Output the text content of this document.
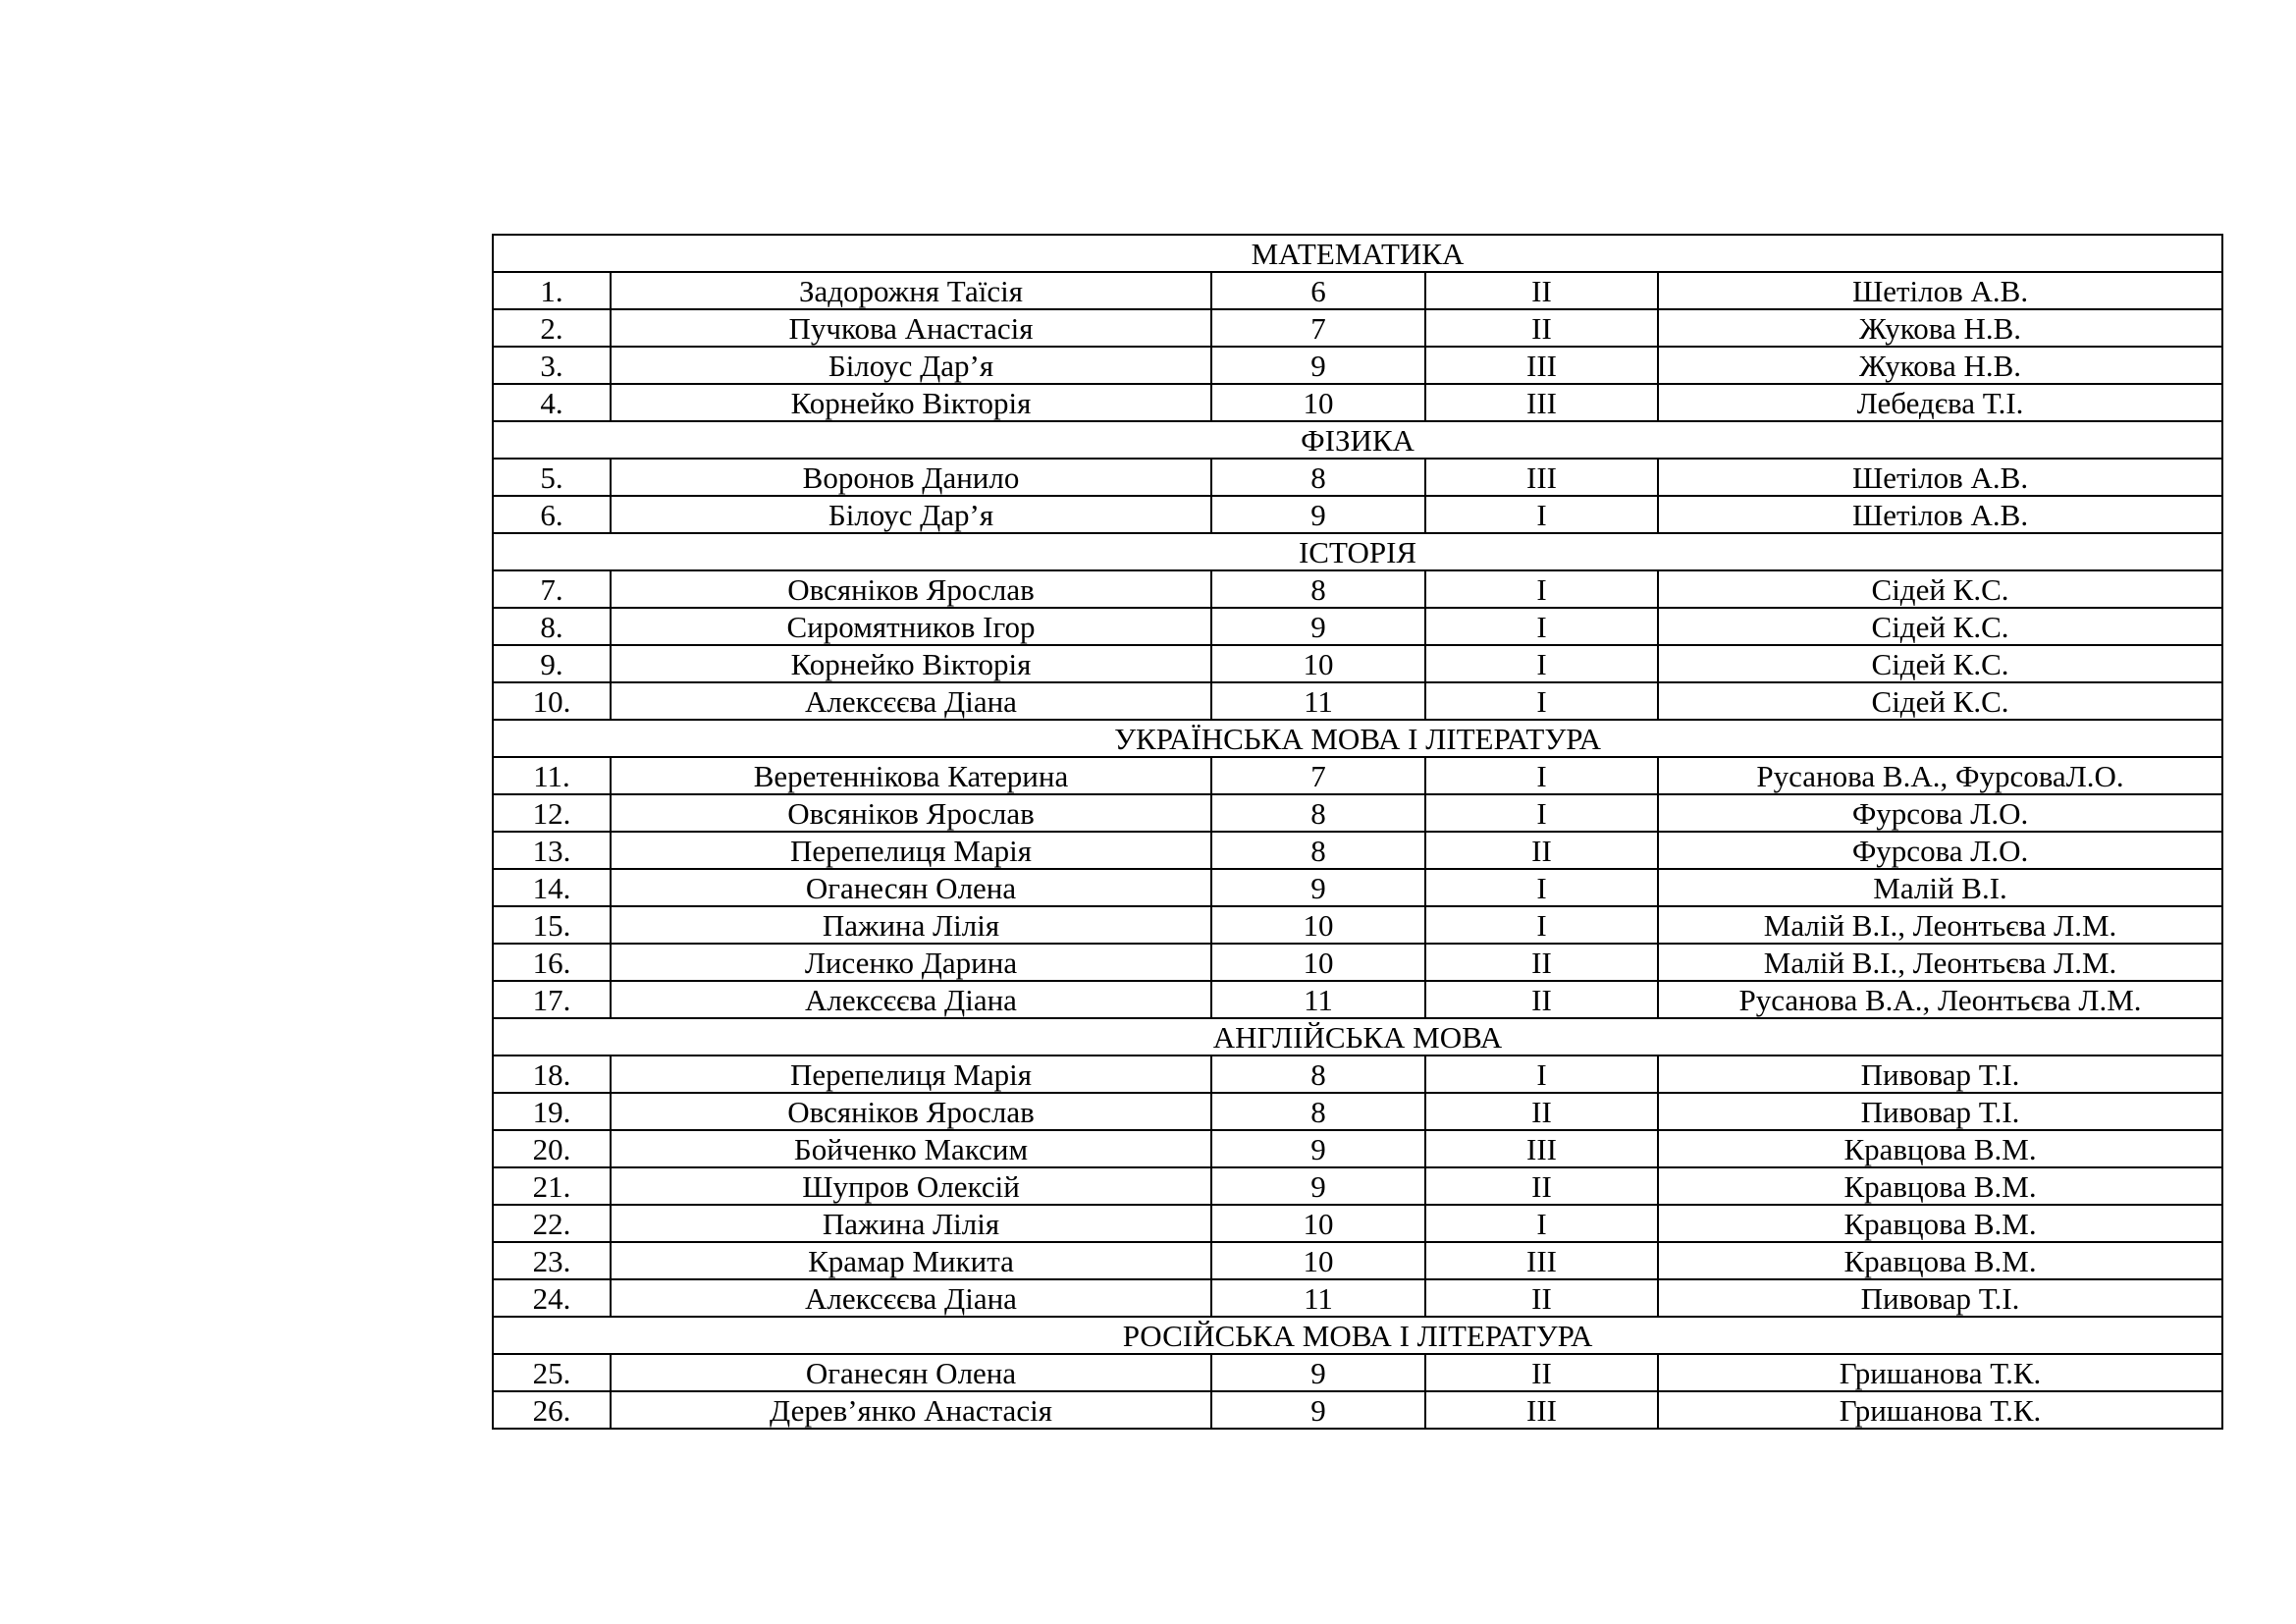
МАТЕМАТИКА				
1.	Задорожня Таїсія	6	II	Шетілов А.В.
2.	Пучкова Анастасія	7	II	Жукова Н.В.
3.	Білоус Дар’я	9	III	Жукова Н.В.
4.	Корнейко Вікторія	10	III	Лебедєва Т.І.
ФІЗИКА				
5.	Воронов Данило	8	III	Шетілов А.В.
6.	Білоус Дар’я	9	I	Шетілов А.В.
ІСТОРІЯ				
7.	Овсяніков Ярослав	8	I	Сідей К.С.
8.	Сиромятников Ігор	9	I	Сідей К.С.
9.	Корнейко Вікторія	10	I	Сідей К.С.
10.	Алексєєва Діана	11	I	Сідей К.С.
УКРАЇНСЬКА МОВА І ЛІТЕРАТУРА				
11.	Веретеннікова Катерина	7	I	Русанова В.А., ФурсоваЛ.О.
12.	Овсяніков Ярослав	8	I	Фурсова Л.О.
13.	Перепелиця Марія	8	II	Фурсова Л.О.
14.	Оганесян Олена	9	I	Малій В.І.
15.	Пажина Лілія	10	I	Малій В.І., Леонтьєва Л.М.
16.	Лисенко Дарина	10	II	Малій В.І., Леонтьєва Л.М.
17.	Алексєєва Діана	11	II	Русанова В.А., Леонтьєва Л.М.
АНГЛІЙСЬКА МОВА				
18.	Перепелиця Марія	8	I	Пивовар Т.І.
19.	Овсяніков Ярослав	8	II	Пивовар Т.І.
20.	Бойченко Максим	9	III	Кравцова В.М.
21.	Шупров Олексій	9	II	Кравцова В.М.
22.	Пажина Лілія	10	I	Кравцова В.М.
23.	Крамар Микита	10	III	Кравцова В.М.
24.	Алексєєва Діана	11	II	Пивовар Т.І.
РОСІЙСЬКА МОВА І ЛІТЕРАТУРА				
25.	Оганесян Олена	9	II	Гришанова Т.К.
26.	Дерев’янко Анастасія	9	III	Гришанова Т.К.
